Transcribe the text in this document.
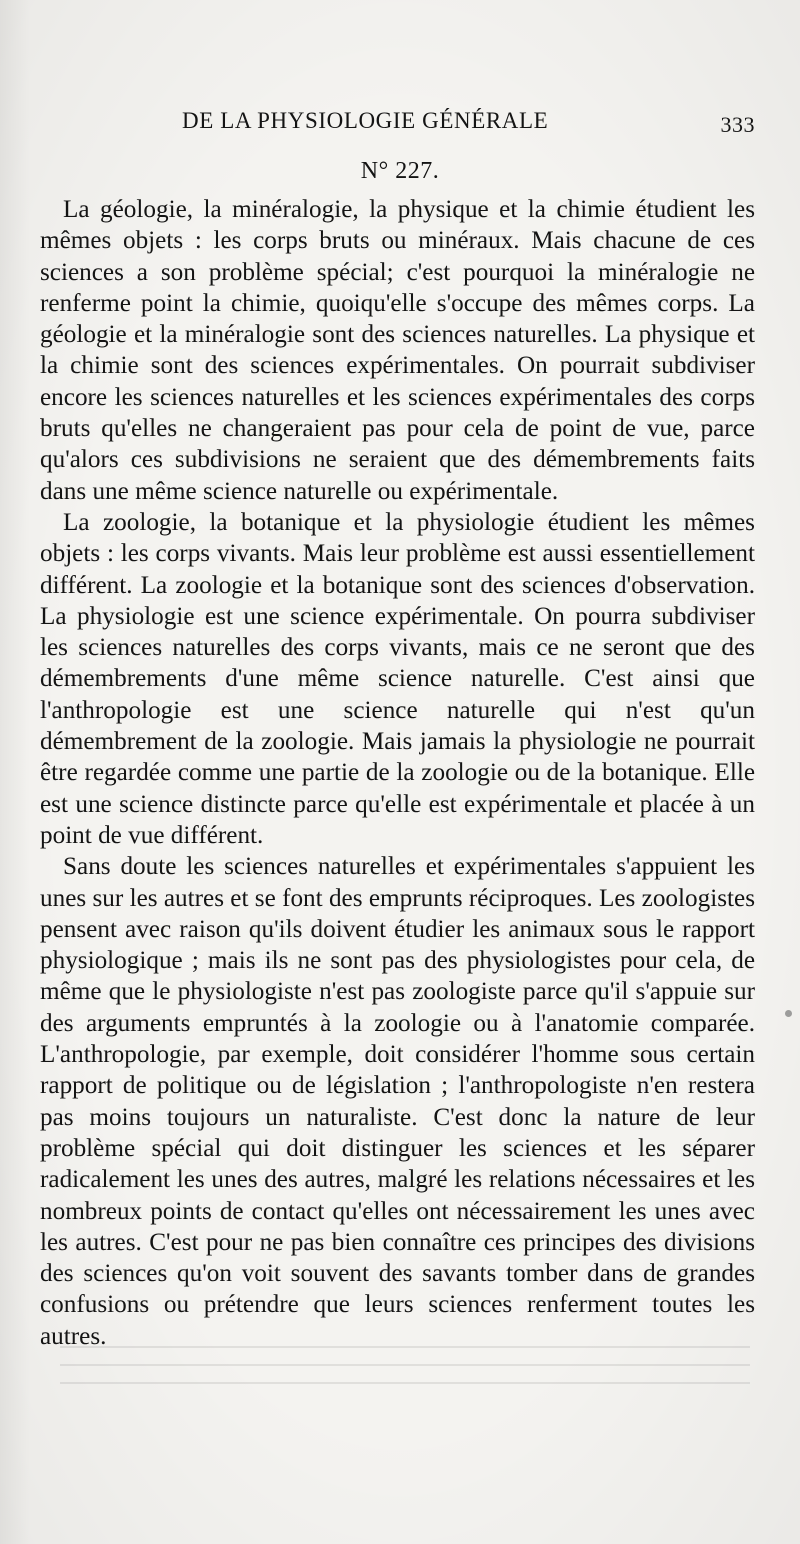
DE LA PHYSIOLOGIE GÉNÉRALE	333
N° 227.

La géologie, la minéralogie, la physique et la chimie étudient les mêmes objets : les corps bruts ou minéraux. Mais chacune de ces sciences a son problème spécial; c'est pourquoi la minéralogie ne renferme point la chimie, quoiqu'elle s'occupe des mêmes corps. La géologie et la minéralogie sont des sciences naturelles. La physique et la chimie sont des sciences expérimentales. On pourrait subdiviser encore les sciences naturelles et les sciences expérimentales des corps bruts qu'elles ne changeraient pas pour cela de point de vue, parce qu'alors ces subdivisions ne seraient que des démembrements faits dans une même science naturelle ou expérimentale.

La zoologie, la botanique et la physiologie étudient les mêmes objets : les corps vivants. Mais leur problème est aussi essentiellement différent. La zoologie et la botanique sont des sciences d'observation. La physiologie est une science expérimentale. On pourra subdiviser les sciences naturelles des corps vivants, mais ce ne seront que des démembrements d'une même science naturelle. C'est ainsi que l'anthropologie est une science naturelle qui n'est qu'un démembrement de la zoologie. Mais jamais la physiologie ne pourrait être regardée comme une partie de la zoologie ou de la botanique. Elle est une science distincte parce qu'elle est expérimentale et placée à un point de vue différent.

Sans doute les sciences naturelles et expérimentales s'appuient les unes sur les autres et se font des emprunts réciproques. Les zoologistes pensent avec raison qu'ils doivent étudier les animaux sous le rapport physiologique ; mais ils ne sont pas des physiologistes pour cela, de même que le physiologiste n'est pas zoologiste parce qu'il s'appuie sur des arguments empruntés à la zoologie ou à l'anatomie comparée. L'anthropologie, par exemple, doit considérer l'homme sous certain rapport de politique ou de législation ; l'anthropologiste n'en restera pas moins toujours un naturaliste. C'est donc la nature de leur problème spécial qui doit distinguer les sciences et les séparer radicalement les unes des autres, malgré les relations nécessaires et les nombreux points de contact qu'elles ont nécessairement les unes avec les autres. C'est pour ne pas bien connaître ces principes des divisions des sciences qu'on voit souvent des savants tomber dans de grandes confusions ou prétendre que leurs sciences renferment toutes les autres.
